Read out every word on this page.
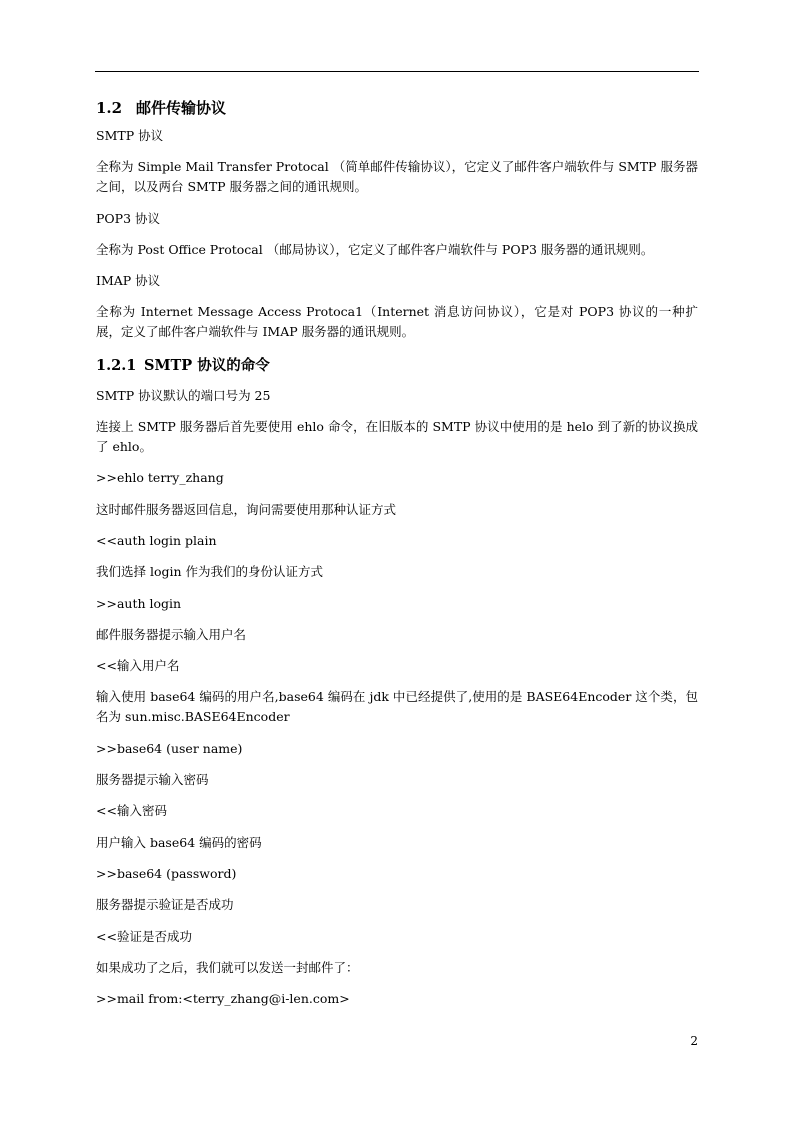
1.2 邮件传输协议

SMTP 协议

全称为 Simple Mail Transfer Protocal （简单邮件传输协议），它定义了邮件客户端软件与 SMTP 服务器之间，以及两台 SMTP 服务器之间的通讯规则。

POP3 协议

全称为 Post Office Protocal （邮局协议），它定义了邮件客户端软件与 POP3 服务器的通讯规则。

IMAP 协议

全称为 Internet Message Access Protoca1（Internet 消息访问协议），它是对 POP3 协议的一种扩展，定义了邮件客户端软件与 IMAP 服务器的通讯规则。

1.2.1 SMTP 协议的命令

SMTP 协议默认的端口号为 25

连接上 SMTP 服务器后首先要使用 ehlo 命令，在旧版本的 SMTP 协议中使用的是 helo 到了新的协议换成了 ehlo。

>>ehlo terry_zhang

这时邮件服务器返回信息，询问需要使用那种认证方式

<<auth login plain

我们选择 login 作为我们的身份认证方式

>>auth login

邮件服务器提示输入用户名

<<输入用户名

输入使用 base64 编码的用户名,base64 编码在 jdk 中已经提供了,使用的是 BASE64Encoder 这个类，包名为 sun.misc.BASE64Encoder

>>base64 (user name)

服务器提示输入密码

<<输入密码

用户输入 base64 编码的密码

>>base64 (password)

服务器提示验证是否成功

<<验证是否成功

如果成功了之后，我们就可以发送一封邮件了：

>>mail from:<terry_zhang@i-len.com>

2
